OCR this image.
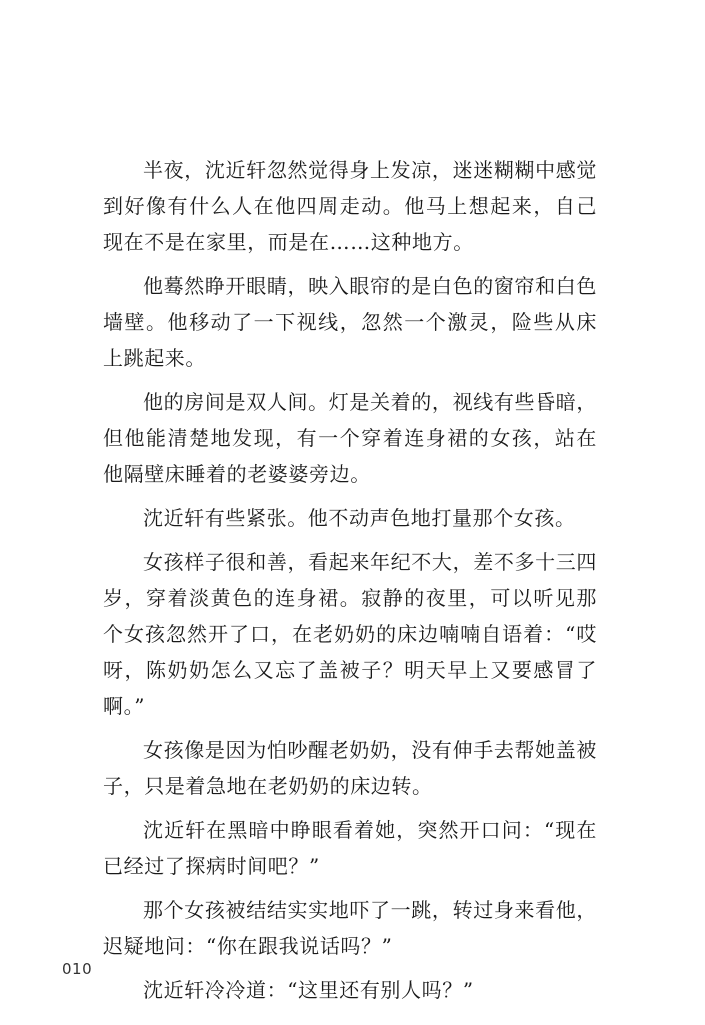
半夜，沈近轩忽然觉得身上发凉，迷迷糊糊中感觉到好像有什么人在他四周走动。他马上想起来，自己现在不是在家里，而是在……这种地方。

他蓦然睁开眼睛，映入眼帘的是白色的窗帘和白色墙壁。他移动了一下视线，忽然一个激灵，险些从床上跳起来。

他的房间是双人间。灯是关着的，视线有些昏暗，但他能清楚地发现，有一个穿着连身裙的女孩，站在他隔壁床睡着的老婆婆旁边。

沈近轩有些紧张。他不动声色地打量那个女孩。

女孩样子很和善，看起来年纪不大，差不多十三四岁，穿着淡黄色的连身裙。寂静的夜里，可以听见那个女孩忽然开了口，在老奶奶的床边喃喃自语着：“哎呀，陈奶奶怎么又忘了盖被子？明天早上又要感冒了啊。”

女孩像是因为怕吵醒老奶奶，没有伸手去帮她盖被子，只是着急地在老奶奶的床边转。

沈近轩在黑暗中睁眼看着她，突然开口问：“现在已经过了探病时间吧？”

那个女孩被结结实实地吓了一跳，转过身来看他，迟疑地问：“你在跟我说话吗？”

沈近轩冷冷道：“这里还有别人吗？”

010
